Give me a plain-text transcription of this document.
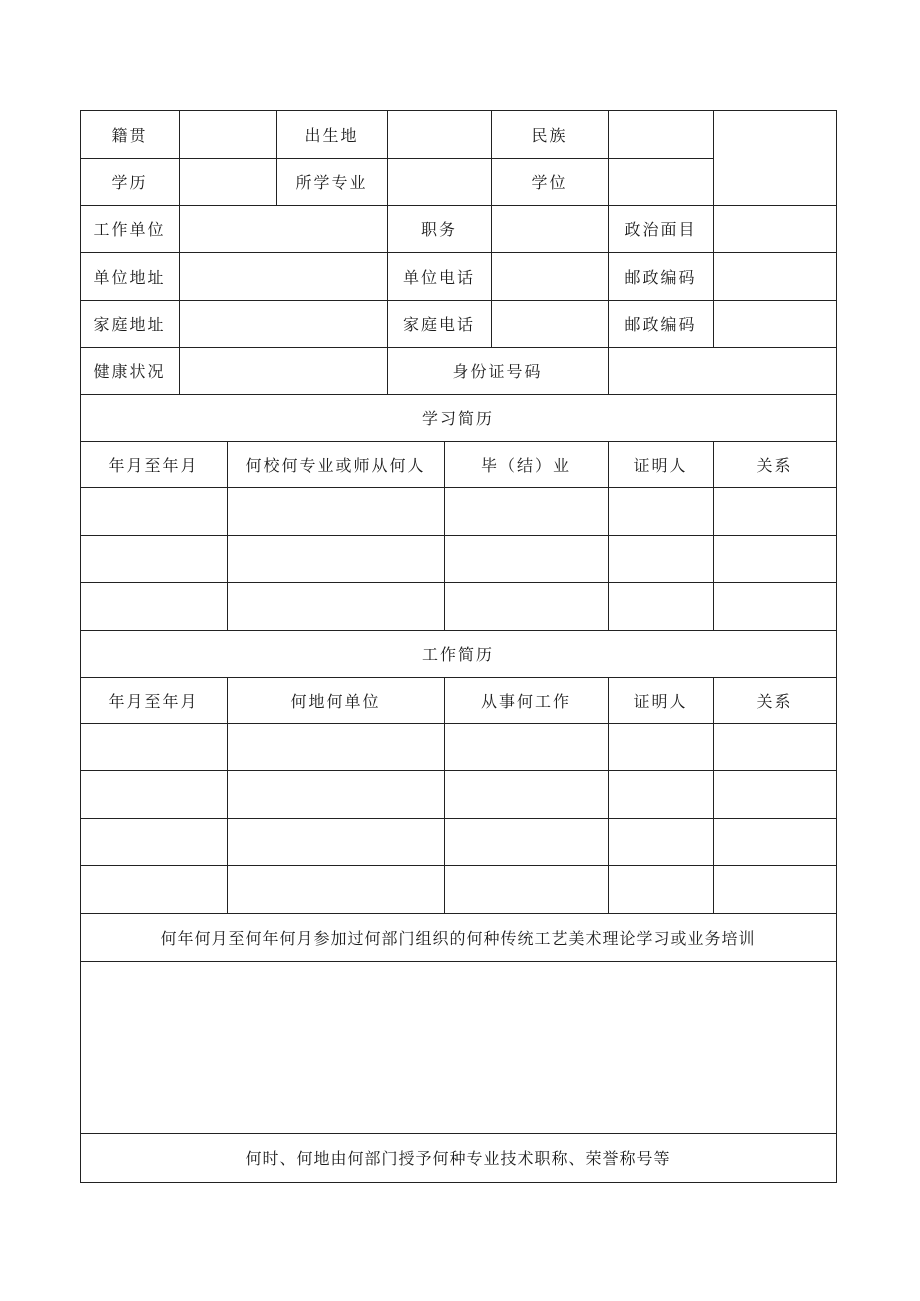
籍贯	出生地	民族
学历	所学专业	学位
工作单位	职务	政治面目
单位地址	单位电话	邮政编码
家庭地址	家庭电话	邮政编码
健康状况	身份证号码
学习简历
年月至年月	何校何专业或师从何人	毕（结）业	证明人	关系
工作简历
年月至年月	何地何单位	从事何工作	证明人	关系
何年何月至何年何月参加过何部门组织的何种传统工艺美术理论学习或业务培训
何时、何地由何部门授予何种专业技术职称、荣誉称号等
